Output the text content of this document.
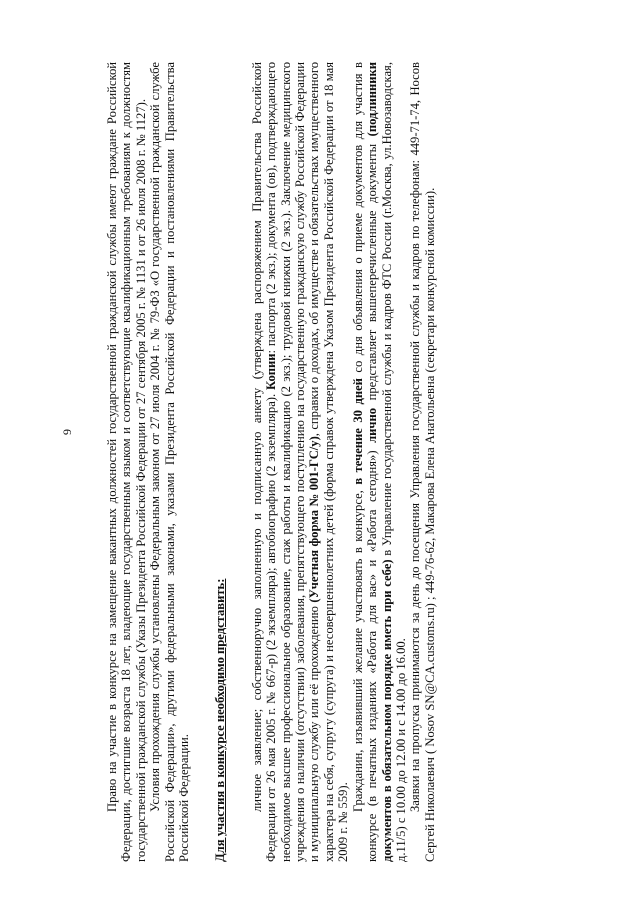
9 Право на участие в конкурсе на замещение вакантных должностей государственной гражданской службы имеют граждане Российской Федерации, достигшие возраста 18 лет, владеющие государственным языком и соответствующие квалификационным требованиям к должностям государственной гражданской службы (Указы Президента Российской Федерации от 27 сентября 2005 г. № 1131 и от 26 июля 2008 г. № 1127). Условия прохождения службы установлены Федеральным законом от 27 июля 2004 г. № 79-ФЗ «О государственной гражданской службе Российской Федерации», другими федеральными законами, указами Президента Российской Федерации и постановлениями Правительства Российской Федерации. Для участия в конкурсе необходимо представить: личное заявление; собственноручно заполненную и подписанную анкету (утверждена распоряжением Правительства Российской Федерации от 26 мая 2005 г. № 667-р) (2 экземпляра); автобиографию (2 экземпляра). Копии: паспорта (2 экз.); документа (ов), подтверждающего необходимое высшее профессиональное образование, стаж работы и квалификацию (2 экз.); трудовой книжки (2 экз.). Заключение медицинского учреждения о наличии (отсутствии) заболевания, препятствующего поступлению на государственную гражданскую службу Российской Федерации и муниципальную службу или её прохождению (Учетная форма № 001-ГС/у), справки о доходах, об имуществе и обязательствах имущественного характера на себя, супругу (супруга) и несовершеннолетних детей (форма справок утверждена Указом Президента Российской Федерации от 18 мая 2009 г. № 559).

Гражданин, изъявивший желание участвовать в конкурсе, в течение 30 дней со дня объявления о приеме документов для участия в конкурсе (в печатных изданиях «Работа для вас» и «Работа сегодня») лично представляет вышеперечисленные документы (подлинники документов в обязательном порядке иметь при себе) в Управление государственной службы и кадров ФТС России (г.Москва, ул.Новозаводская, д.11/5) с 10.00 до 12.00 и с 14.00 до 16.00. Заявки на пропуска принимаются за день до посещения Управления государственной службы и кадров по телефонам: 449-71-74, Носов Сергей Николаевич ( Nosov SN@CA.customs.ru) ; 449-76-62, Макарова Елена Анатольевна (секретари конкурсной комиссии).
